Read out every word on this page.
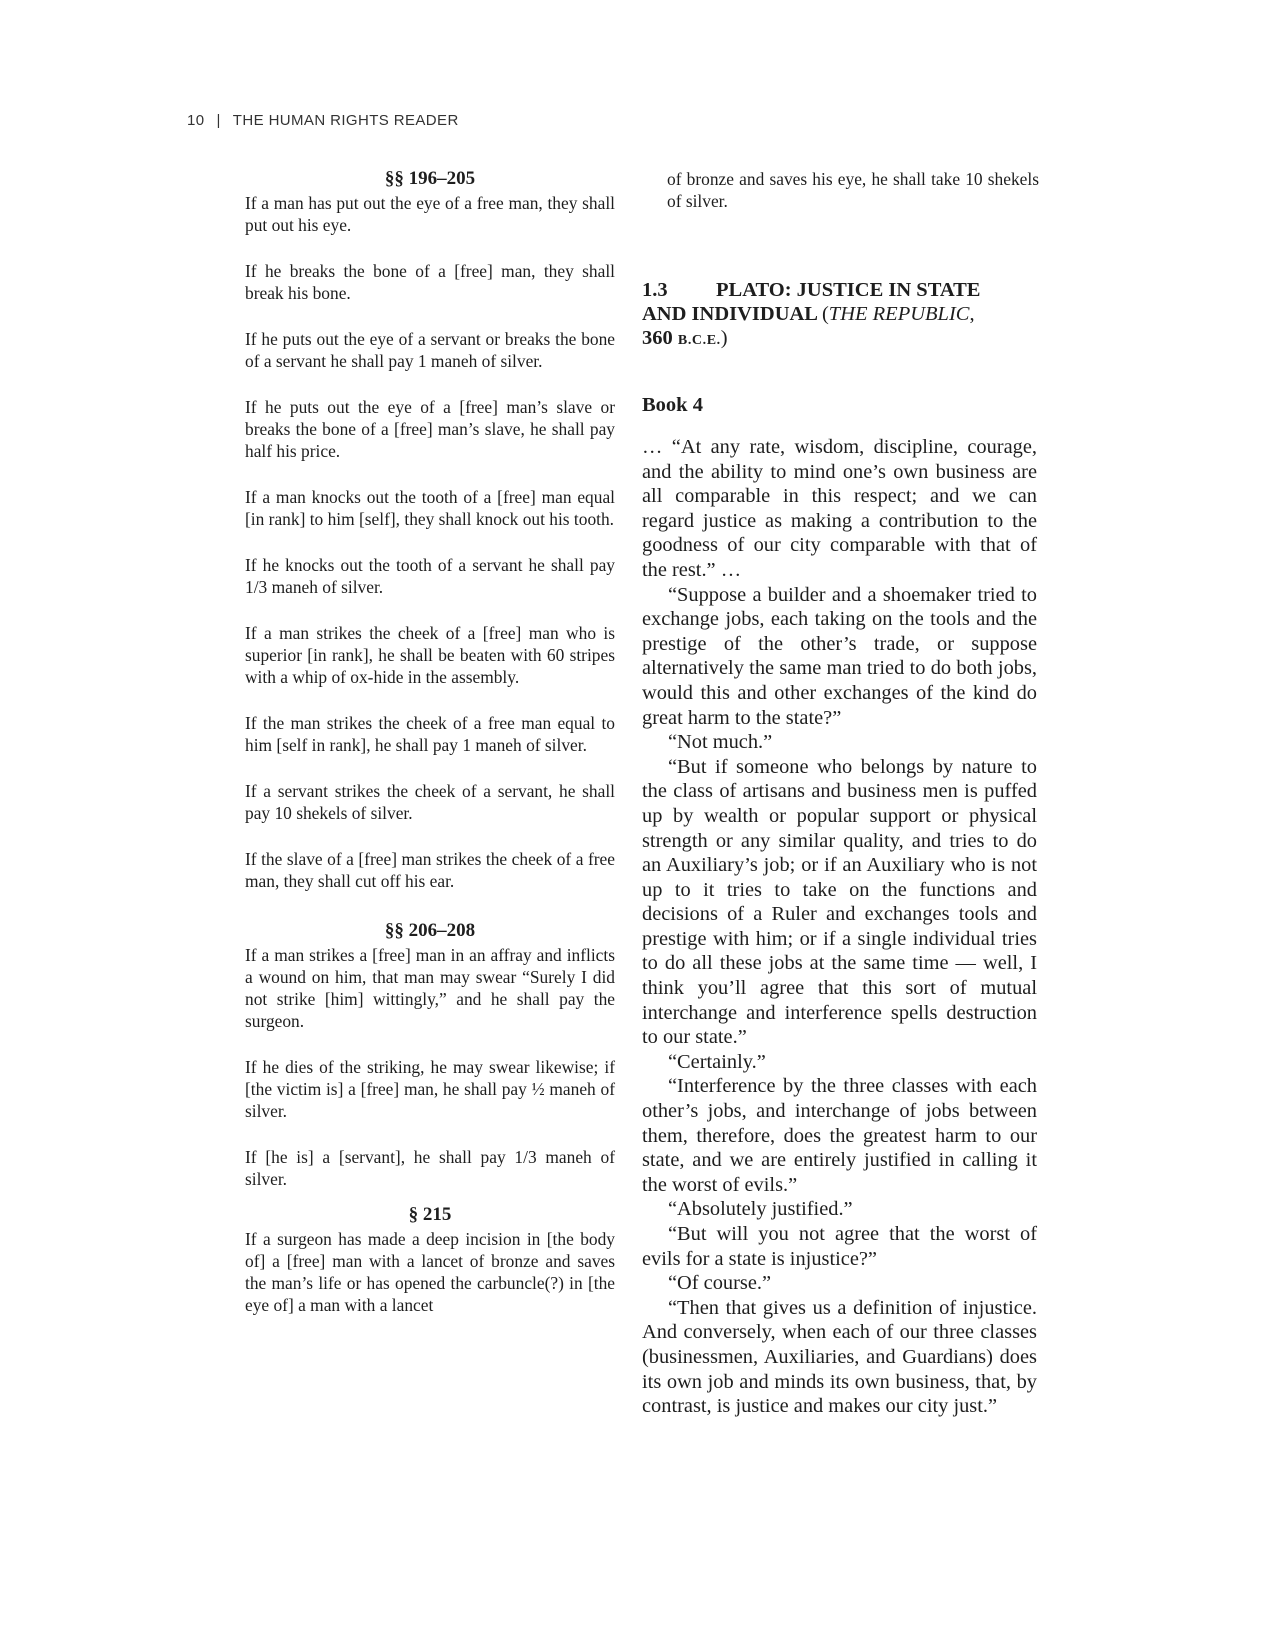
10 | THE HUMAN RIGHTS READER
§§ 196–205
If a man has put out the eye of a free man, they shall put out his eye.
If he breaks the bone of a [free] man, they shall break his bone.
If he puts out the eye of a servant or breaks the bone of a servant he shall pay 1 maneh of silver.
If he puts out the eye of a [free] man’s slave or breaks the bone of a [free] man’s slave, he shall pay half his price.
If a man knocks out the tooth of a [free] man equal [in rank] to him [self], they shall knock out his tooth.
If he knocks out the tooth of a servant he shall pay 1/3 maneh of silver.
If a man strikes the cheek of a [free] man who is superior [in rank], he shall be beaten with 60 stripes with a whip of ox-hide in the assembly.
If the man strikes the cheek of a free man equal to him [self in rank], he shall pay 1 maneh of silver.
If a servant strikes the cheek of a servant, he shall pay 10 shekels of silver.
If the slave of a [free] man strikes the cheek of a free man, they shall cut off his ear.
§§ 206–208
If a man strikes a [free] man in an affray and inflicts a wound on him, that man may swear “Surely I did not strike [him] wittingly,” and he shall pay the surgeon.
If he dies of the striking, he may swear likewise; if [the victim is] a [free] man, he shall pay ½ maneh of silver.
If [he is] a [servant], he shall pay 1/3 maneh of silver.
§ 215
If a surgeon has made a deep incision in [the body of] a [free] man with a lancet of bronze and saves the man’s life or has opened the carbuncle(?) in [the eye of] a man with a lancet
of bronze and saves his eye, he shall take 10 shekels of silver.
1.3 PLATO: JUSTICE IN STATE
AND INDIVIDUAL (THE REPUBLIC,
360 B.C.E.)
Book 4

… “At any rate, wisdom, discipline, courage, and the ability to mind one’s own business are all comparable in this respect; and we can regard justice as making a contribution to the goodness of our city comparable with that of the rest.” …

“Suppose a builder and a shoemaker tried to exchange jobs, each taking on the tools and the prestige of the other’s trade, or suppose alternatively the same man tried to do both jobs, would this and other exchanges of the kind do great harm to the state?”

“Not much.”

“But if someone who belongs by nature to the class of artisans and business men is puffed up by wealth or popular support or physical strength or any similar quality, and tries to do an Auxiliary’s job; or if an Auxiliary who is not up to it tries to take on the functions and decisions of a Ruler and exchanges tools and prestige with him; or if a single individual tries to do all these jobs at the same time — well, I think you’ll agree that this sort of mutual interchange and interference spells destruction to our state.”

“Certainly.”

“Interference by the three classes with each other’s jobs, and interchange of jobs between them, therefore, does the greatest harm to our state, and we are entirely justified in calling it the worst of evils.”

“Absolutely justified.”

“But will you not agree that the worst of evils for a state is injustice?”

“Of course.”

“Then that gives us a definition of injustice. And conversely, when each of our three classes (businessmen, Auxiliaries, and Guardians) does its own job and minds its own business, that, by contrast, is justice and makes our city just.”
